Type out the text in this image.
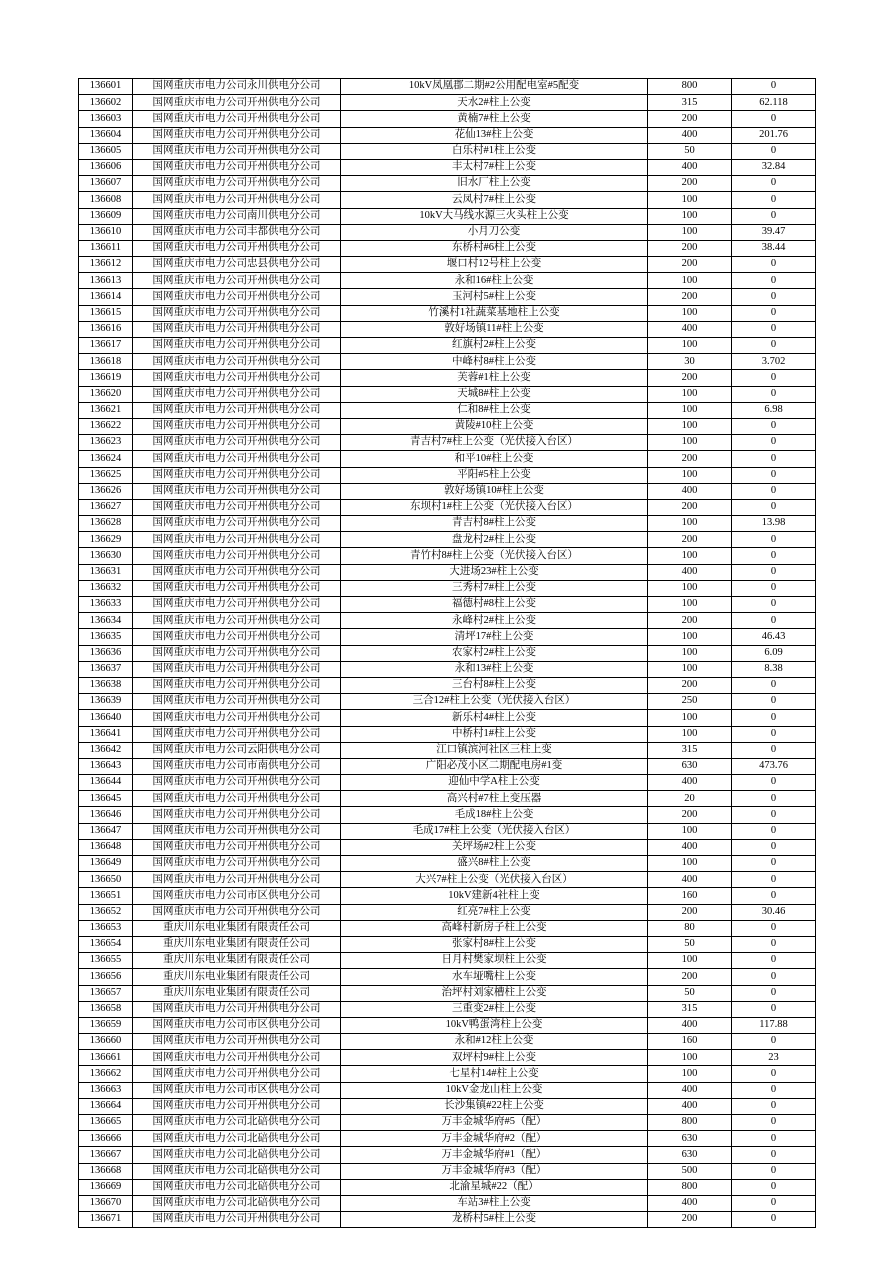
136601	国网重庆市电力公司永川供电分公司	10kV凤凰郡二期#2公用配电室#5配变	800	0
136602	国网重庆市电力公司开州供电分公司	天水2#柱上公变	315	62.118
136603	国网重庆市电力公司开州供电分公司	黄楠7#柱上公变	200	0
136604	国网重庆市电力公司开州供电分公司	花仙13#柱上公变	400	201.76
136605	国网重庆市电力公司开州供电分公司	白乐村#1柱上公变	50	0
136606	国网重庆市电力公司开州供电分公司	丰太村7#柱上公变	400	32.84
136607	国网重庆市电力公司开州供电分公司	旧水厂柱上公变	200	0
136608	国网重庆市电力公司开州供电分公司	云凤村7#柱上公变	100	0
136609	国网重庆市电力公司南川供电分公司	10kV大马线水源三火头柱上公变	100	0
136610	国网重庆市电力公司丰都供电分公司	小月刀公变	100	39.47
136611	国网重庆市电力公司开州供电分公司	东桥村#6柱上公变	200	38.44
136612	国网重庆市电力公司忠县供电分公司	堰口村12号柱上公变	200	0
136613	国网重庆市电力公司开州供电分公司	永和16#柱上公变	100	0
136614	国网重庆市电力公司开州供电分公司	玉河村5#柱上公变	200	0
136615	国网重庆市电力公司开州供电分公司	竹溪村1社蔬菜基地柱上公变	100	0
136616	国网重庆市电力公司开州供电分公司	敦好场镇11#柱上公变	400	0
136617	国网重庆市电力公司开州供电分公司	红旗村2#柱上公变	100	0
136618	国网重庆市电力公司开州供电分公司	中峰村8#柱上公变	30	3.702
136619	国网重庆市电力公司开州供电分公司	芙蓉#1柱上公变	200	0
136620	国网重庆市电力公司开州供电分公司	天城8#柱上公变	100	0
136621	国网重庆市电力公司开州供电分公司	仁和8#柱上公变	100	6.98
136622	国网重庆市电力公司开州供电分公司	黄陵#10柱上公变	100	0
136623	国网重庆市电力公司开州供电分公司	青吉村7#柱上公变（光伏接入台区）	100	0
136624	国网重庆市电力公司开州供电分公司	和平10#柱上公变	200	0
136625	国网重庆市电力公司开州供电分公司	平阳#5柱上公变	100	0
136626	国网重庆市电力公司开州供电分公司	敦好场镇10#柱上公变	400	0
136627	国网重庆市电力公司开州供电分公司	东坝村1#柱上公变（光伏接入台区）	200	0
136628	国网重庆市电力公司开州供电分公司	青吉村8#柱上公变	100	13.98
136629	国网重庆市电力公司开州供电分公司	盘龙村2#柱上公变	200	0
136630	国网重庆市电力公司开州供电分公司	青竹村8#柱上公变（光伏接入台区）	100	0
136631	国网重庆市电力公司开州供电分公司	大进场23#柱上公变	400	0
136632	国网重庆市电力公司开州供电分公司	三秀村7#柱上公变	100	0
136633	国网重庆市电力公司开州供电分公司	福德村#8柱上公变	100	0
136634	国网重庆市电力公司开州供电分公司	永峰村2#柱上公变	200	0
136635	国网重庆市电力公司开州供电分公司	清坪17#柱上公变	100	46.43
136636	国网重庆市电力公司开州供电分公司	农家村2#柱上公变	100	6.09
136637	国网重庆市电力公司开州供电分公司	永和13#柱上公变	100	8.38
136638	国网重庆市电力公司开州供电分公司	三台村8#柱上公变	200	0
136639	国网重庆市电力公司开州供电分公司	三合12#柱上公变（光伏接入台区）	250	0
136640	国网重庆市电力公司开州供电分公司	新乐村4#柱上公变	100	0
136641	国网重庆市电力公司开州供电分公司	中桥村1#柱上公变	100	0
136642	国网重庆市电力公司云阳供电分公司	江口镇滨河社区三柱上变	315	0
136643	国网重庆市电力公司市南供电分公司	广阳必茂小区二期配电房#1变	630	473.76
136644	国网重庆市电力公司开州供电分公司	迎仙中学A柱上公变	400	0
136645	国网重庆市电力公司开州供电分公司	高兴村#7柱上变压器	20	0
136646	国网重庆市电力公司开州供电分公司	毛成18#柱上公变	200	0
136647	国网重庆市电力公司开州供电分公司	毛成17#柱上公变（光伏接入台区）	100	0
136648	国网重庆市电力公司开州供电分公司	关坪场#2柱上公变	400	0
136649	国网重庆市电力公司开州供电分公司	盛兴8#柱上公变	100	0
136650	国网重庆市电力公司开州供电分公司	大兴7#柱上公变（光伏接入台区）	400	0
136651	国网重庆市电力公司市区供电分公司	10kV建新4社柱上变	160	0
136652	国网重庆市电力公司开州供电分公司	红亮7#柱上公变	200	30.46
136653	重庆川东电业集团有限责任公司	高峰村新房子柱上公变	80	0
136654	重庆川东电业集团有限责任公司	张家村8#柱上公变	50	0
136655	重庆川东电业集团有限责任公司	日月村樊家坝柱上公变	100	0
136656	重庆川东电业集团有限责任公司	水车垭嘴柱上公变	200	0
136657	重庆川东电业集团有限责任公司	治坪村刘家槽柱上公变	50	0
136658	国网重庆市电力公司开州供电分公司	三重变2#柱上公变	315	0
136659	国网重庆市电力公司市区供电分公司	10kV鸭蛋湾柱上公变	400	117.88
136660	国网重庆市电力公司开州供电分公司	永和#12柱上公变	160	0
136661	国网重庆市电力公司开州供电分公司	双坪村9#柱上公变	100	23
136662	国网重庆市电力公司开州供电分公司	七星村14#柱上公变	100	0
136663	国网重庆市电力公司市区供电分公司	10kV金龙山柱上公变	400	0
136664	国网重庆市电力公司开州供电分公司	长沙集镇#22柱上公变	400	0
136665	国网重庆市电力公司北碚供电分公司	万丰金城华府#5（配）	800	0
136666	国网重庆市电力公司北碚供电分公司	万丰金城华府#2（配）	630	0
136667	国网重庆市电力公司北碚供电分公司	万丰金城华府#1（配）	630	0
136668	国网重庆市电力公司北碚供电分公司	万丰金城华府#3（配）	500	0
136669	国网重庆市电力公司北碚供电分公司	北渝星城#22（配）	800	0
136670	国网重庆市电力公司北碚供电分公司	车站3#柱上公变	400	0
136671	国网重庆市电力公司开州供电分公司	龙桥村5#柱上公变	200	0
